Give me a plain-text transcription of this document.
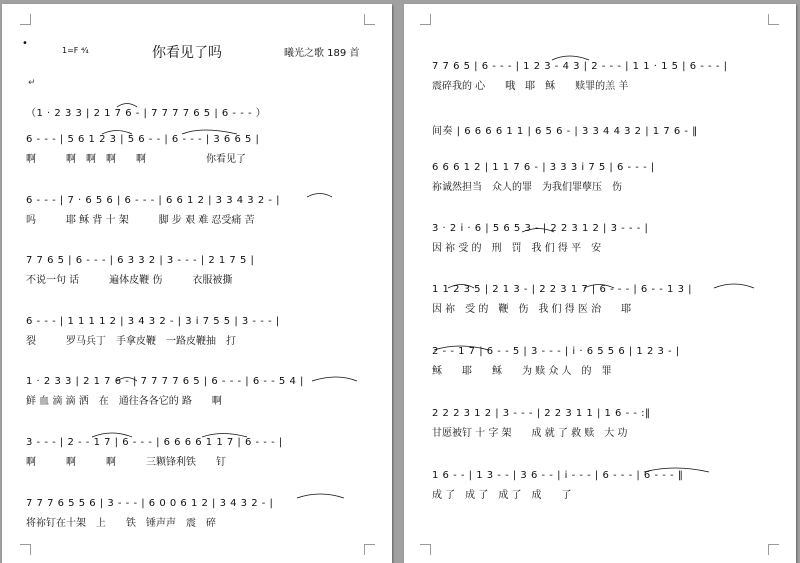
•
1=F ⁴⁄₄	你看见了吗	曦光之歌 189 首
（1 · 2 3 3 | 2 1 7 6 - | 7 7 7 7 6 5 | 6 - - - ）
↵
6 - - - | 5 6 1 2 3 | 5 6 - - | 6 - - - | 3 6 6 5 |
啊　　　啊　啊　啊　　啊　　　　　　你看见了
6 - - - | 7 · 6 5 6 | 6 - - - | 6 6 1 2 | 3 3 4 3 2 - |
吗　　　耶 稣 背 十 架　　　脚 步 艰 难 忍受痛 苦
7 7 6 5 | 6 - - - | 6 3 3 2 | 3 - - - | 2 1 7 5 |
不说一句 话　　　遍体皮鞭 伤　　　衣服被撕
6 - - - | 1 1 1 1 2 | 3 4 3 2 - | 3 i 7 5 5 | 3 - - - |
裂　　　罗马兵丁　手拿皮鞭　一路皮鞭抽　打
1 · 2 3 3 | 2 1 7 6 - | 7 7 7 7 6 5 | 6 - - - | 6 - - 5 4 |
鲜 血 滴 滴 洒　在　通往各各它的 路　　啊
3 - - - | 2 - - 1 7 | 6 - - - | 6 6 6 6 1 1 7 | 6 - - - |
啊　　　啊　　　啊　　　三颗锋利铁　　钉
7 7 7 6 5 5 6 | 3 - - - | 6 0 0 6 1 2 | 3 4 3 2 - |
将祢钉在十架　上　　铁　锤声声　震　碎
7 7 6 5 | 6 - - - | 1 2 3 - 4 3 | 2 - - - | 1 1 · 1 5 | 6 - - - |
震碎我的 心　　哦　耶　稣　　赎罪的羔 羊
间奏 | 6 6 6 6 1 1 | 6 5 6 - | 3 3 4 4 3 2 | 1 7 6 - ‖
6 6 6 1 2 | 1 1 7 6 - | 3 3 3 i 7 5 | 6 - - - |
祢诚然担当　众人的罪　为我们罪孽压　伤
3 · 2 i · 6 | 5 6 5 3 - | 2 2 3 1 2 | 3 - - - |
因 祢 受 的　刑　罚　我 们 得 平　安
1 1 2 3 5 | 2 1 3 - | 2 2 3 1 7 | 6 - - - | 6 - - 1 3 |
因 祢　受 的　鞭　伤　我 们 得 医 治　　耶
2 - - 1 7 | 6 - - 5 | 3 - - - | i · 6 5 5 6 | 1 2 3 - |
稣　　耶　　稣　　为 赎 众 人　的　罪
2 2 2 3 1 2 | 3 - - - | 2 2 3 1 1 | 1 6 - - :‖
甘愿被钉 十 字 架　　成 就 了 救 赎　大 功
1 6 - - | 1 3 - - | 3 6 - - | i - - - | 6 - - - | 6 - - - ‖
成 了　成 了　成 了　成　　了
